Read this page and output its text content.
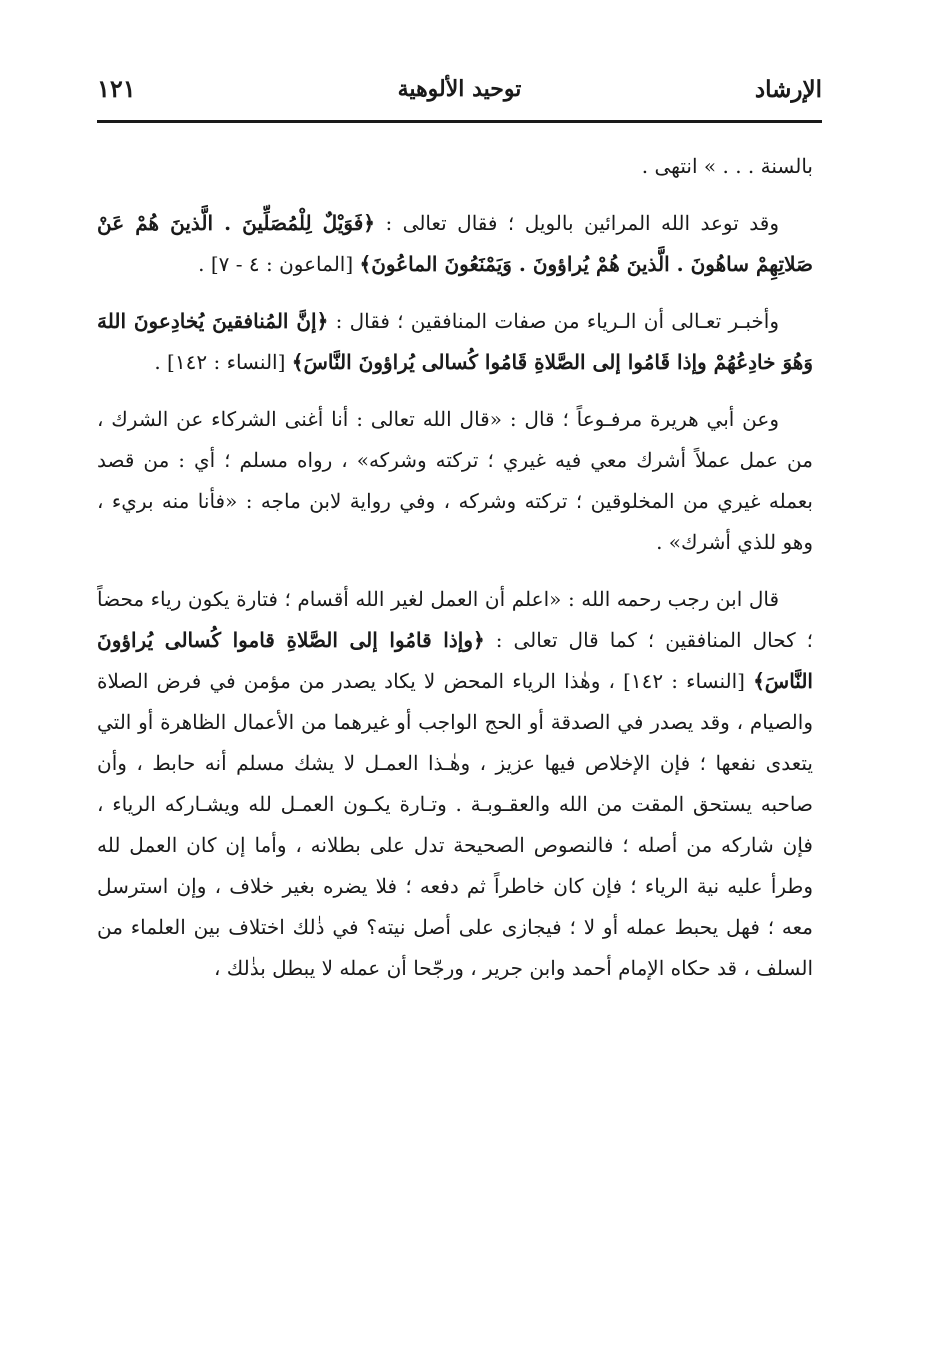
١٢١	توحيد الألوهية	الإرشاد

بالسنة . . . » انتهى .

وقد توعد الله المرائين بالويل ؛ فقال تعالى : ﴿فَوَيْلٌ لِلْمُصَلِّينَ . الَّذينَ هُمْ عَنْ صَلاتِهِمْ ساهُونَ . الَّذينَ هُمْ يُراؤونَ . وَيَمْنَعُونَ الماعُونَ﴾ [الماعون : ٤ - ٧] .

وأخبـر تعـالى أن الـرياء من صفات المنافقين ؛ فقال : ﴿إنَّ المُنافقينَ يُخادِعونَ اللهَ وَهُوَ خادِعُهُمْ وإذا قَامُوا إلى الصَّلاةِ قَامُوا كُسالى يُراؤونَ النَّاسَ﴾ [النساء : ١٤٢] .

وعن أبي هريرة مرفـوعاً ؛ قال : «قال الله تعالى : أنا أغنى الشركاء عن الشرك ، من عمل عملاً أشرك معي فيه غيري ؛ تركته وشركه» ، رواه مسلم ؛ أي : من قصد بعمله غيري من المخلوقين ؛ تركته وشركه ، وفي رواية لابن ماجه : «فأنا منه بريء ، وهو للذي أشرك» .

قال ابن رجب رحمه الله : «اعلم أن العمل لغير الله أقسام ؛ فتارة يكون رياء محضاً ؛ كحال المنافقين ؛ كما قال تعالى : ﴿وإذا قامُوا إلى الصَّلاةِ قاموا كُسالى يُراؤونَ النَّاسَ﴾ [النساء : ١٤٢] ، وهٰذا الرياء المحض لا يكاد يصدر من مؤمن في فرض الصلاة والصيام ، وقد يصدر في الصدقة أو الحج الواجب أو غيرهما من الأعمال الظاهرة أو التي يتعدى نفعها ؛ فإن الإخلاص فيها عزيز ، وهٰـذا العمـل لا يشك مسلم أنه حابط ، وأن صاحبه يستحق المقت من الله والعقـوبـة . وتـارة يكـون العمـل لله ويشـاركه الرياء ، فإن شاركه من أصله ؛ فالنصوص الصحيحة تدل على بطلانه ، وأما إن كان العمل لله وطرأ عليه نية الرياء ؛ فإن كان خاطراً ثم دفعه ؛ فلا يضره بغير خلاف ، وإن استرسل معه ؛ فهل يحبط عمله أو لا ؛ فيجازى على أصل نيته؟ في ذٰلك اختلاف بين العلماء من السلف ، قد حكاه الإمام أحمد وابن جرير ، ورجّحا أن عمله لا يبطل بذٰلك ،
